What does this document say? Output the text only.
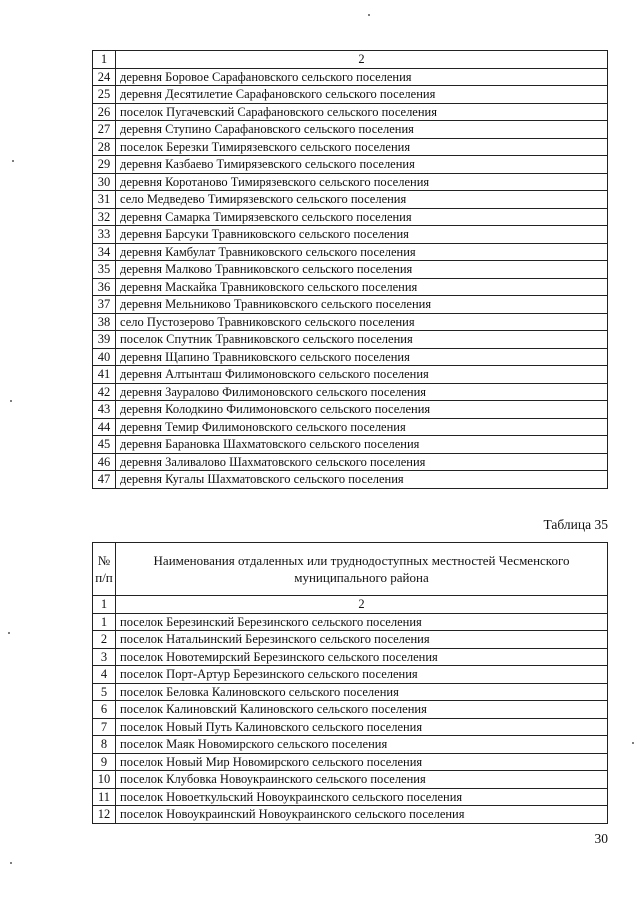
1	2
24	деревня Боровое Сарафановского сельского поселения
25	деревня Десятилетие Сарафановского сельского поселения
26	поселок Пугачевский Сарафановского сельского поселения
27	деревня Ступино Сарафановского сельского поселения
28	поселок Березки Тимирязевского сельского поселения
29	деревня Казбаево Тимирязевского сельского поселения
30	деревня Коротаново Тимирязевского сельского поселения
31	село Медведево Тимирязевского сельского поселения
32	деревня Самарка Тимирязевского сельского поселения
33	деревня Барсуки Травниковского сельского поселения
34	деревня Камбулат Травниковского сельского поселения
35	деревня Малково Травниковского сельского поселения
36	деревня Маскайка Травниковского сельского поселения
37	деревня Мельниково Травниковского сельского поселения
38	село Пустозерово Травниковского сельского поселения
39	поселок Спутник Травниковского сельского поселения
40	деревня Щапино Травниковского сельского поселения
41	деревня Алтынташ Филимоновского сельского поселения
42	деревня Зауралово Филимоновского сельского поселения
43	деревня Колодкино Филимоновского сельского поселения
44	деревня Темир Филимоновского сельского поселения
45	деревня Барановка Шахматовского сельского поселения
46	деревня Заливалово Шахматовского сельского поселения
47	деревня Кугалы Шахматовского сельского поселения
Таблица 35
№ п/п	Наименования отдаленных или труднодоступных местностей Чесменского муниципального района
1	2
1	поселок Березинский Березинского сельского поселения
2	поселок Натальинский Березинского сельского поселения
3	поселок Новотемирский Березинского сельского поселения
4	поселок Порт-Артур Березинского сельского поселения
5	поселок Беловка Калиновского сельского поселения
6	поселок Калиновский Калиновского сельского поселения
7	поселок Новый Путь Калиновского сельского поселения
8	поселок Маяк Новомирского сельского поселения
9	поселок Новый Мир Новомирского сельского поселения
10	поселок Клубовка Новоукраинского сельского поселения
11	поселок Новоеткульский Новоукраинского сельского поселения
12	поселок Новоукраинский Новоукраинского сельского поселения
30
